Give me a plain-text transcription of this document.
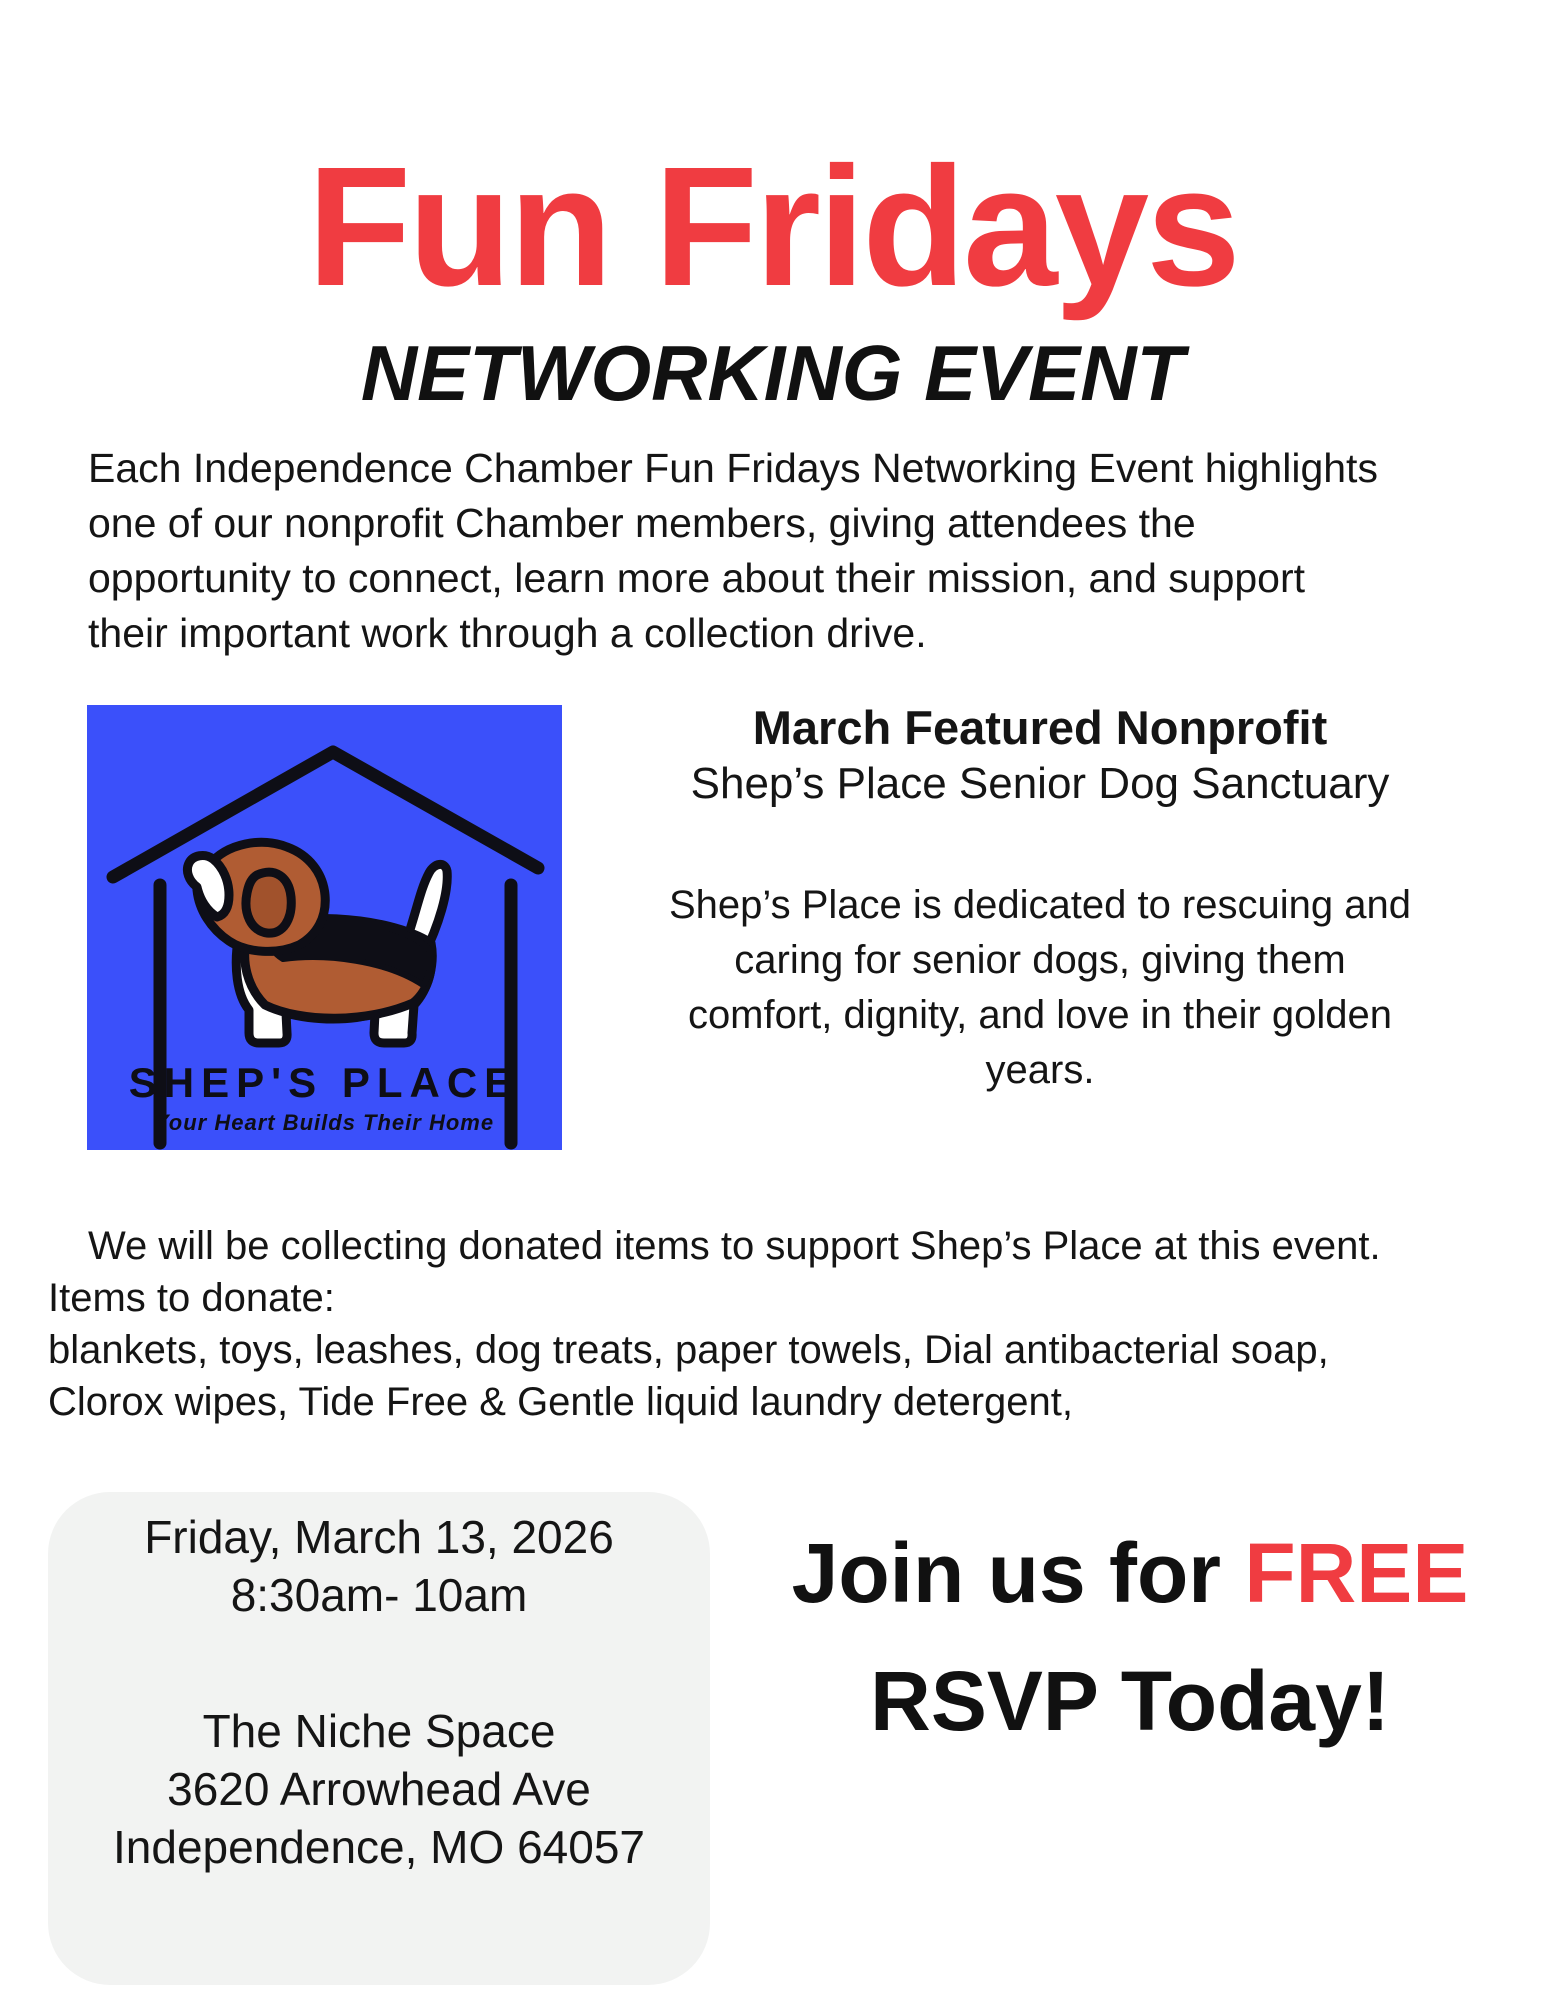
Fun Fridays
NETWORKING EVENT
Each Independence Chamber Fun Fridays Networking Event highlights
one of our nonprofit Chamber members, giving attendees the
opportunity to connect, learn more about their mission, and support
their important work through a collection drive.
SHEP'S PLACE
Your Heart Builds Their Home
March Featured Nonprofit
Shep’s Place Senior Dog Sanctuary
Shep’s Place is dedicated to rescuing and
caring for senior dogs, giving them
comfort, dignity, and love in their golden
years.
We will be collecting donated items to support Shep’s Place at this event.
Items to donate:
blankets, toys, leashes, dog treats, paper towels, Dial antibacterial soap,
Clorox wipes, Tide Free & Gentle liquid laundry detergent,
Friday, March 13, 2026
8:30am- 10am
The Niche Space
3620 Arrowhead Ave
Independence, MO 64057
Join us for FREE
RSVP Today!
